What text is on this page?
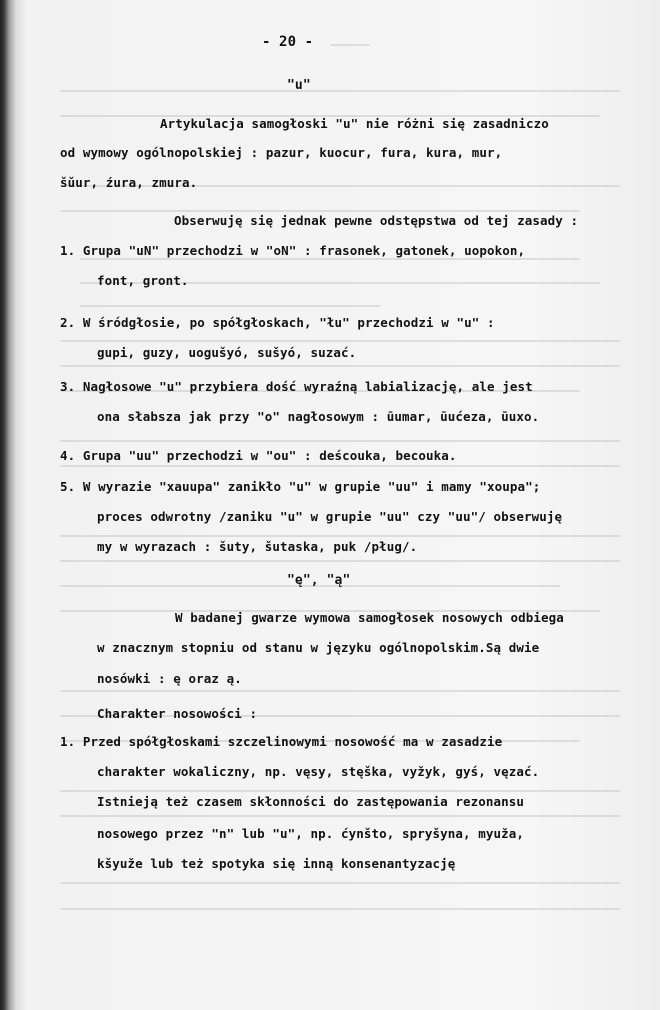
- 20 -

"u"

Artykulacja samogłoski "u" nie różni się zasadniczo

od wymowy ogólnopolskiej : pazur, kuocur, fura, kura, mur,

šǔur, źura, zmura.

Obserwuję się jednak pewne odstępstwa od tej zasady :

1. Grupa "uN" przechodzi w "oN" : frasonek, gatonek, uopokon,

font, gront.

2. W śródgłosie, po spółgłoskach, "łu" przechodzi w "u" :

gupi, guzy, uogušyó, sušyó, suzać.

3. Nagłosowe "u" przybiera dość wyraźną labializację, ale jest

ona słabsza jak przy "o" nagłosowym : ūumar, ūućeza, ūuxo.

4. Grupa "uu" przechodzi w "ou" : deścouka, becouka.

5. W wyrazie "xauupa" zanikło "u" w grupie "uu" i mamy "xoupa";

proces odwrotny /zaniku "u" w grupie "uu" czy "uu"/ obserwuję

my w wyrazach : šuty, šutaska, puk /pług/.

"ę", "ą"

W badanej gwarze wymowa samogłosek nosowych odbiega

w znacznym stopniu od stanu w języku ogólnopolskim.Są dwie

nosówki : ę oraz ą.

Charakter nosowości :

1. Przed spółgłoskami szczelinowymi nosowość ma w zasadzie

charakter wokaliczny, np. vęsy, stęška, vyžyk, gyś, vęzać.

Istnieją też czasem skłonności do zastępowania rezonansu

nosowego przez "n" lub "u", np. ćynšto, spryšyna, myuža,

kšyuže lub też spotyka się inną konsenantyzację
